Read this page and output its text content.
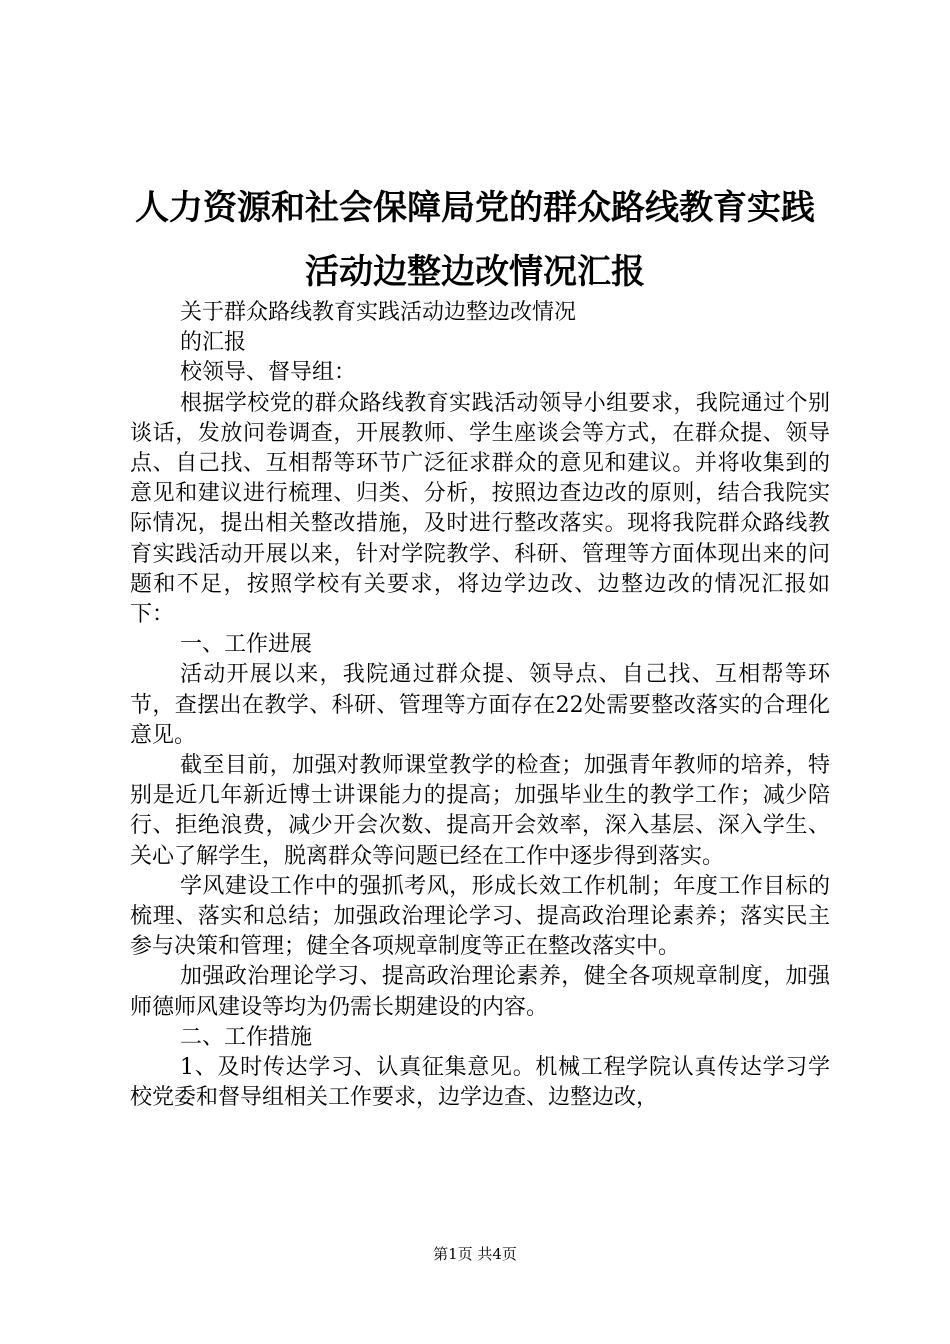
人力资源和社会保障局党的群众路线教育实践
活动边整边改情况汇报

关于群众路线教育实践活动边整边改情况

的汇报

校领导、督导组：

根据学校党的群众路线教育实践活动领导小组要求，我院通过个别谈话，发放问卷调查，开展教师、学生座谈会等方式，在群众提、领导点、自己找、互相帮等环节广泛征求群众的意见和建议。并将收集到的意见和建议进行梳理、归类、分析，按照边查边改的原则，结合我院实际情况，提出相关整改措施，及时进行整改落实。现将我院群众路线教育实践活动开展以来，针对学院教学、科研、管理等方面体现出来的问题和不足，按照学校有关要求，将边学边改、边整边改的情况汇报如下：

一、工作进展

活动开展以来，我院通过群众提、领导点、自己找、互相帮等环节，查摆出在教学、科研、管理等方面存在22处需要整改落实的合理化意见。

截至目前，加强对教师课堂教学的检查；加强青年教师的培养，特别是近几年新近博士讲课能力的提高；加强毕业生的教学工作；减少陪行、拒绝浪费，减少开会次数、提高开会效率，深入基层、深入学生、关心了解学生，脱离群众等问题已经在工作中逐步得到落实。

学风建设工作中的强抓考风，形成长效工作机制；年度工作目标的梳理、落实和总结；加强政治理论学习、提高政治理论素养；落实民主参与决策和管理；健全各项规章制度等正在整改落实中。

加强政治理论学习、提高政治理论素养，健全各项规章制度，加强师德师风建设等均为仍需长期建设的内容。

二、工作措施

1、及时传达学习、认真征集意见。机械工程学院认真传达学习学校党委和督导组相关工作要求，边学边查、边整边改，

第1页 共4页
